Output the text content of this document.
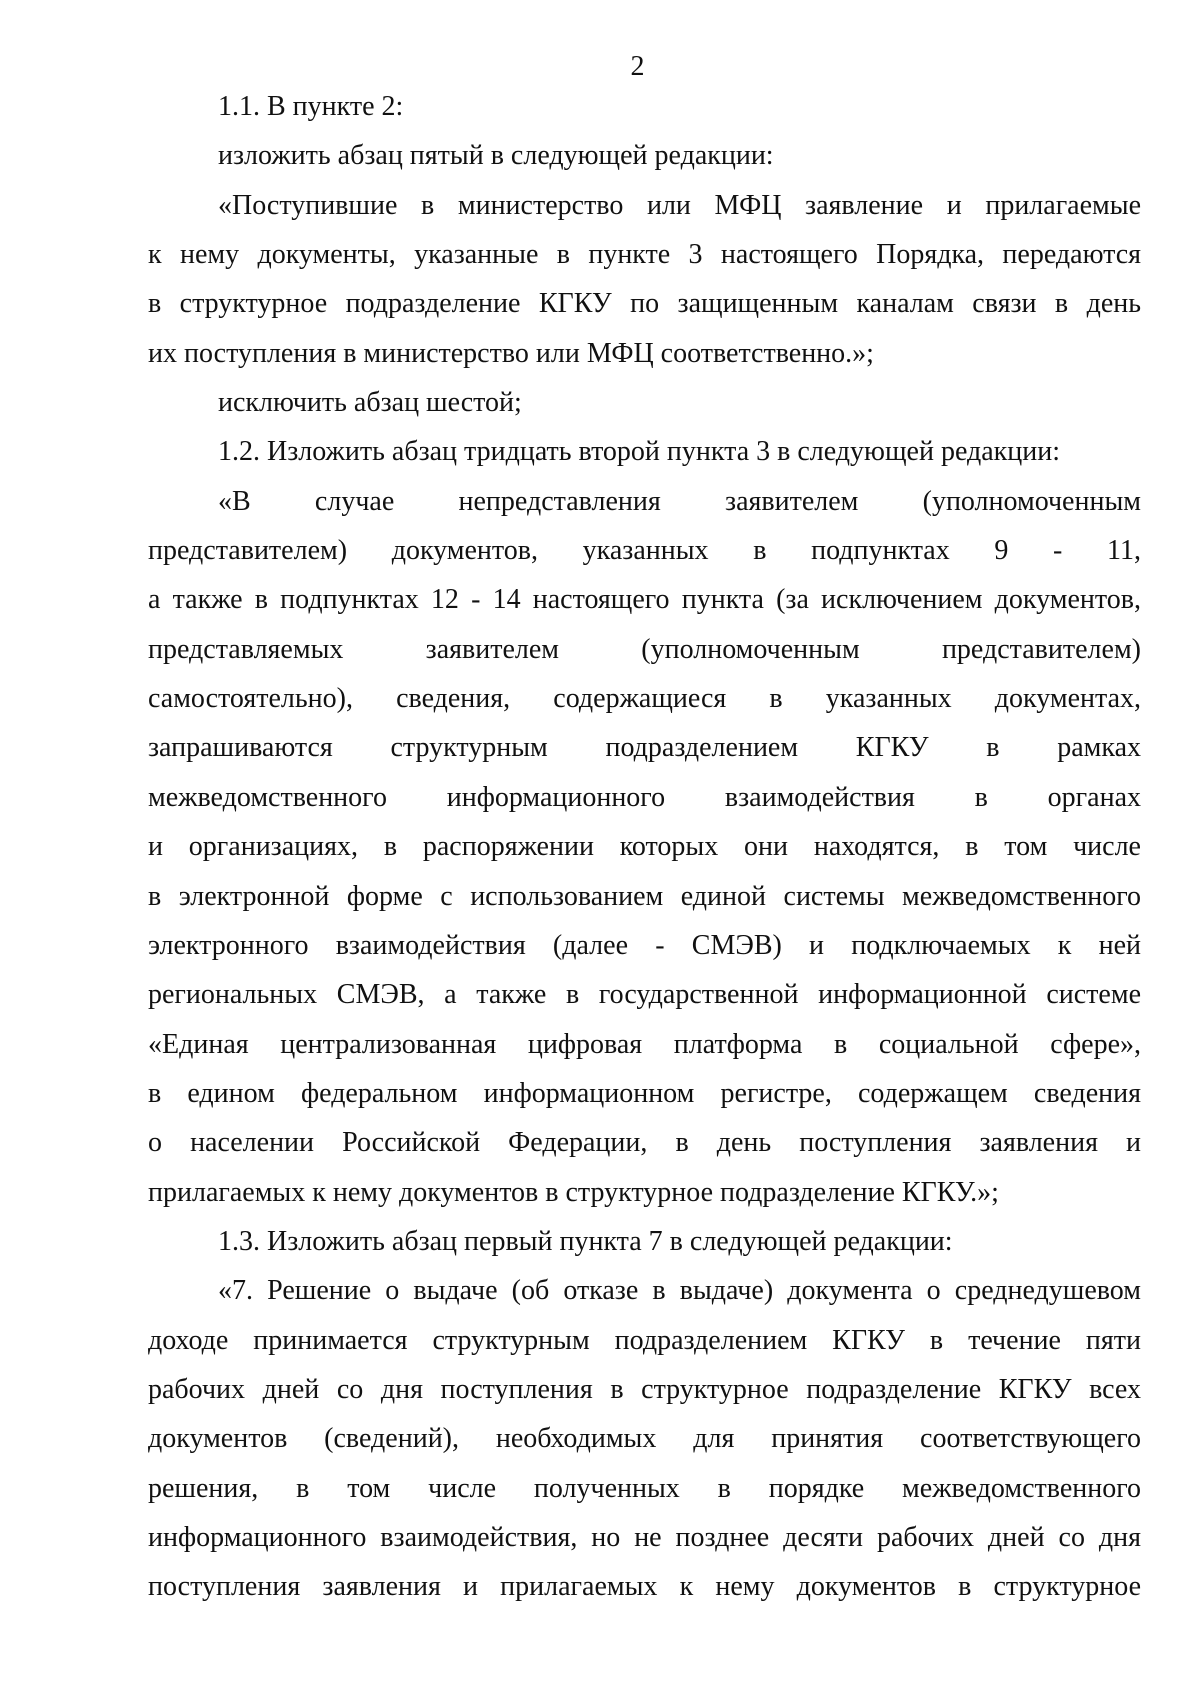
2
1.1. В пункте 2:
изложить абзац пятый в следующей редакции:
«Поступившие в министерство или МФЦ заявление и прилагаемые
к нему документы, указанные в пункте 3 настоящего Порядка, передаются
в структурное подразделение КГКУ по защищенным каналам связи в день
их поступления в министерство или МФЦ соответственно.»;
исключить абзац шестой;
1.2. Изложить абзац тридцать второй пункта 3 в следующей редакции:
«В случае непредставления заявителем (уполномоченным
представителем) документов, указанных в подпунктах 9 - 11,
а также в подпунктах 12 - 14 настоящего пункта (за исключением документов,
представляемых заявителем (уполномоченным представителем)
самостоятельно), сведения, содержащиеся в указанных документах,
запрашиваются структурным подразделением КГКУ в рамках
межведомственного информационного взаимодействия в органах
и организациях, в распоряжении которых они находятся, в том числе
в электронной форме с использованием единой системы межведомственного
электронного взаимодействия (далее - СМЭВ) и подключаемых к ней
региональных СМЭВ, а также в государственной информационной системе
«Единая централизованная цифровая платформа в социальной сфере»,
в едином федеральном информационном регистре, содержащем сведения
о населении Российской Федерации, в день поступления заявления и
прилагаемых к нему документов в структурное подразделение КГКУ.»;
1.3. Изложить абзац первый пункта 7 в следующей редакции:
«7. Решение о выдаче (об отказе в выдаче) документа о среднедушевом
доходе принимается структурным подразделением КГКУ в течение пяти
рабочих дней со дня поступления в структурное подразделение КГКУ всех
документов (сведений), необходимых для принятия соответствующего
решения, в том числе полученных в порядке межведомственного
информационного взаимодействия, но не позднее десяти рабочих дней со дня
поступления заявления и прилагаемых к нему документов в структурное
